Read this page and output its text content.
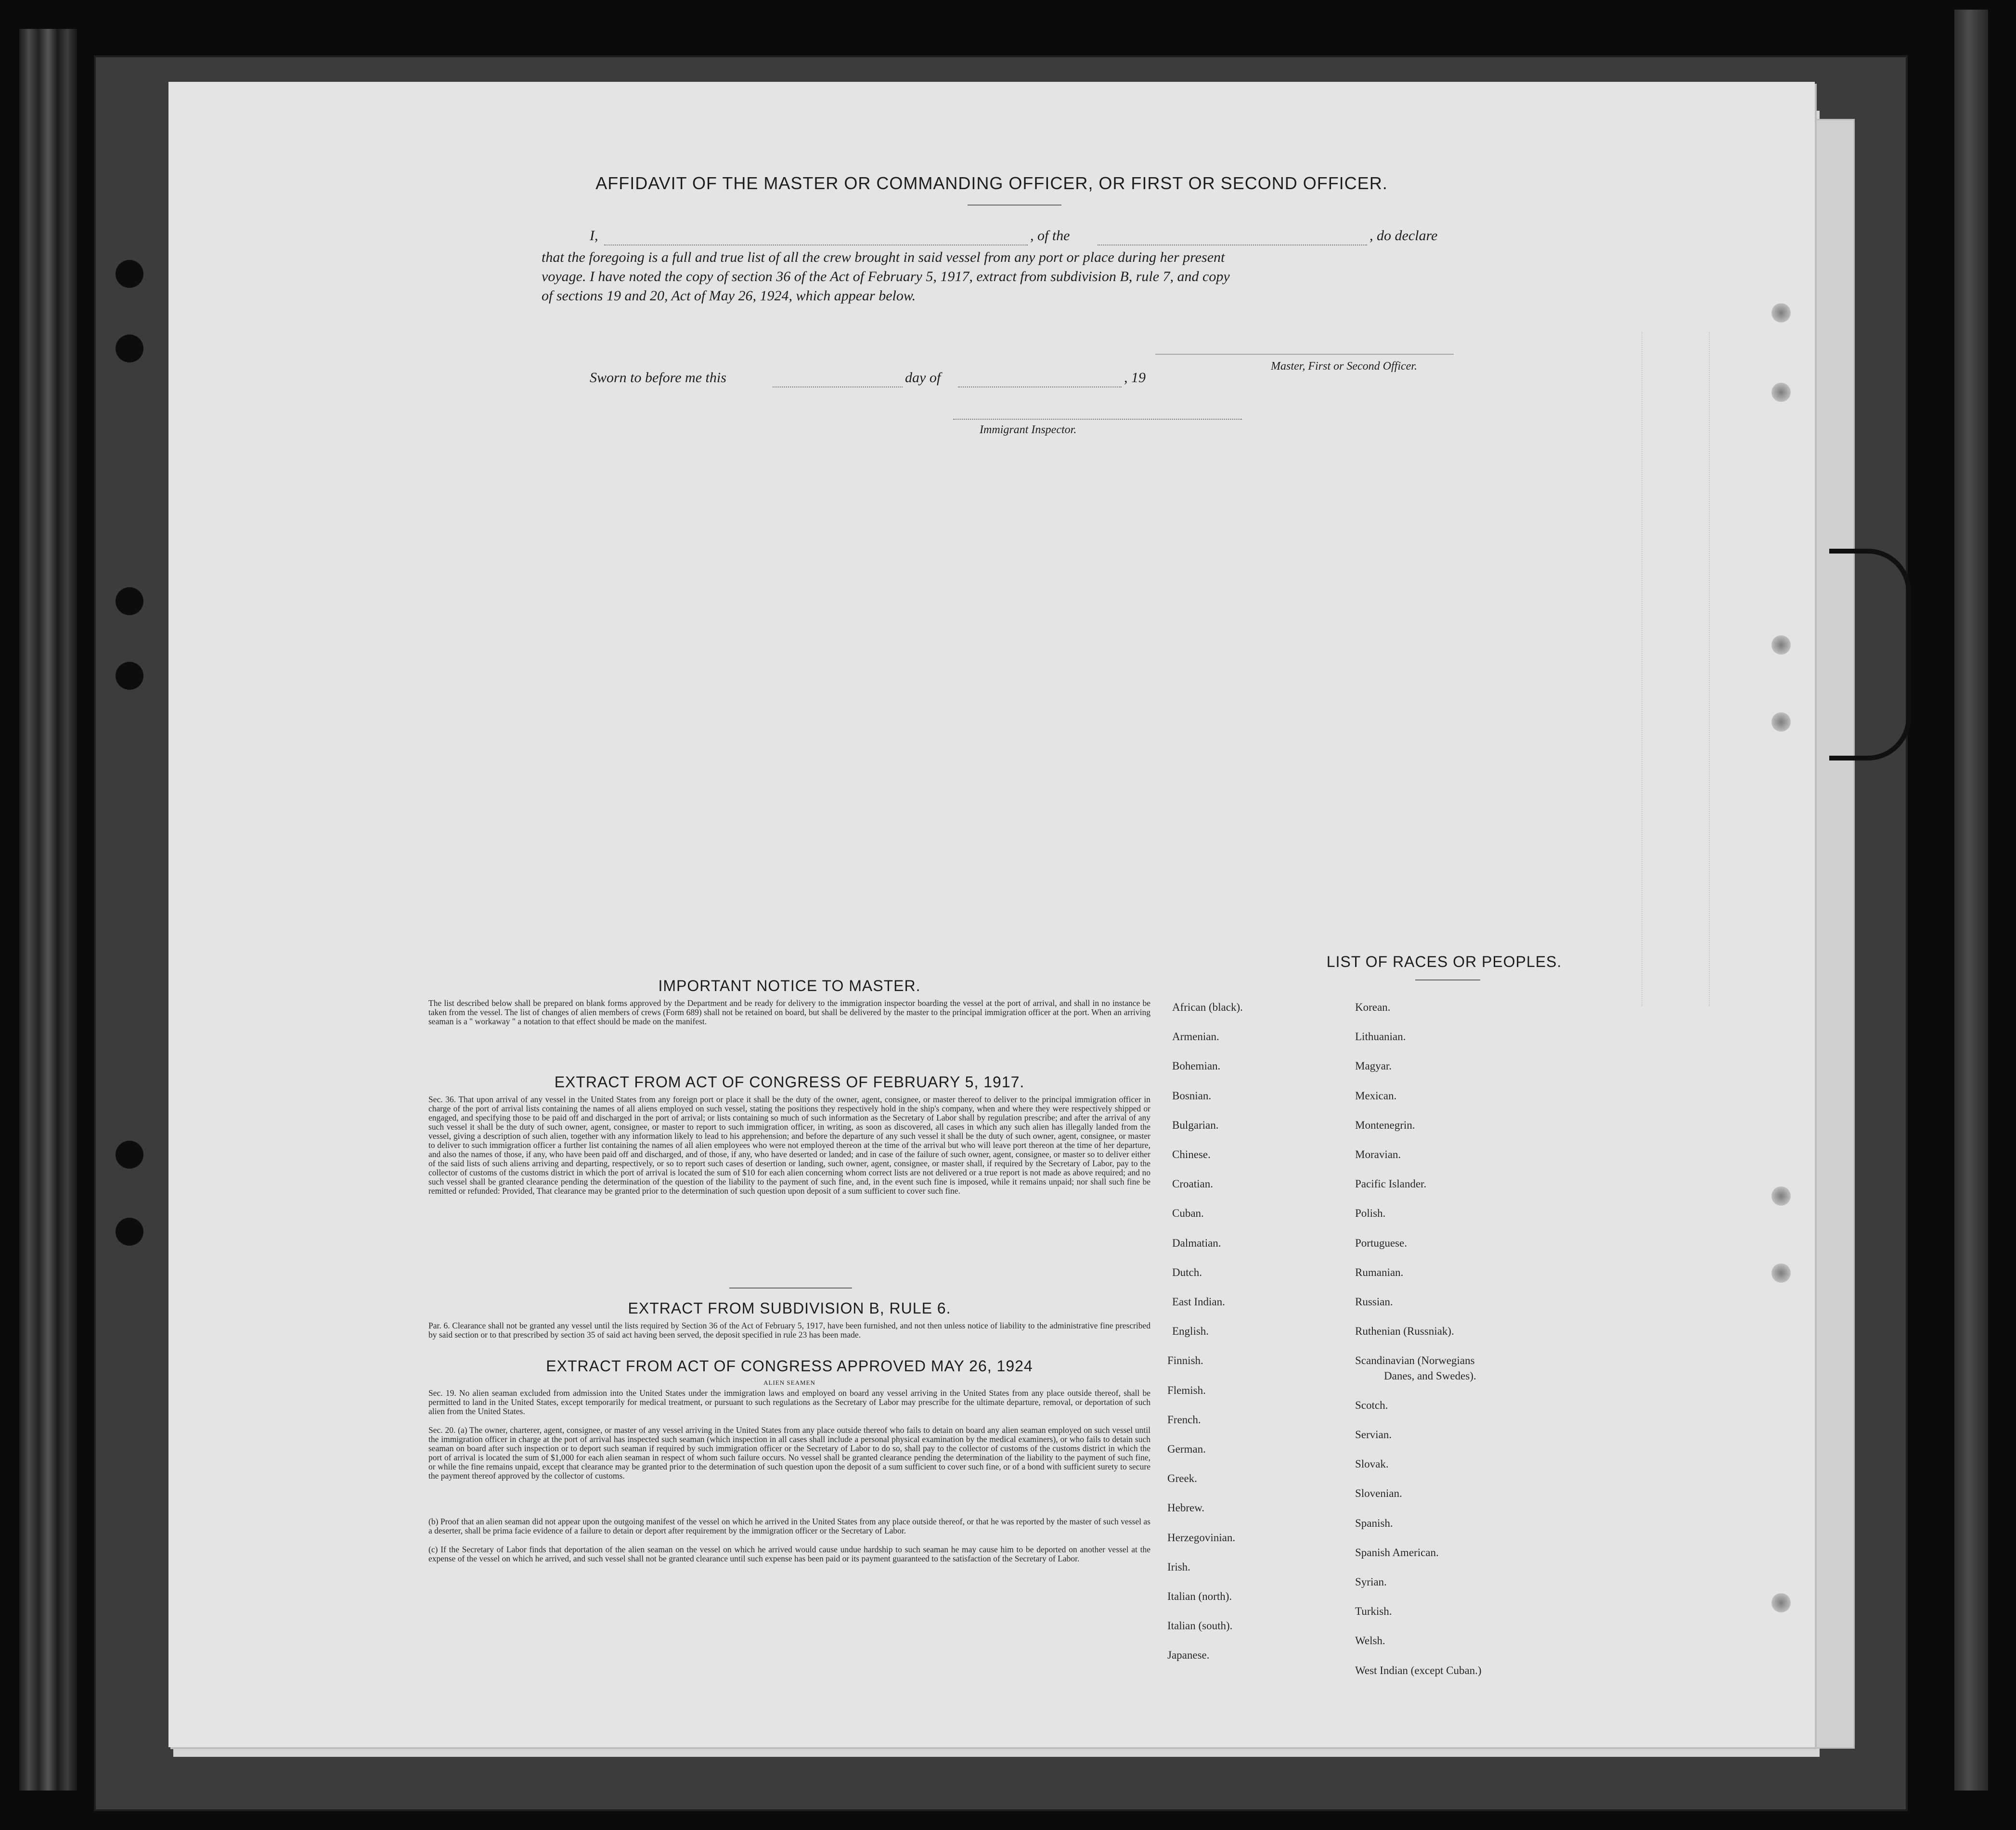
AFFIDAVIT OF THE MASTER OR COMMANDING OFFICER, OR FIRST OR SECOND OFFICER.
I,	, of the	, do declare
that the foregoing is a full and true list of all the crew brought in said vessel from any port or place during her present
voyage. I have noted the copy of section 36 of the Act of February 5, 1917, extract from subdivision B, rule 7, and copy
of sections 19 and 20, Act of May 26, 1924, which appear below.
Master, First or Second Officer.
Sworn to before me this	day of	, 19
Immigrant Inspector.
IMPORTANT NOTICE TO MASTER.
The list described below shall be prepared on blank forms approved by the Department and be ready for delivery to the immigration inspector boarding the vessel at the port of arrival, and shall in no instance be taken from the vessel. The list of changes of alien members of crews (Form 689) shall not be retained on board, but shall be delivered by the master to the principal immigration officer at the port. When an arriving seaman is a " workaway " a notation to that effect should be made on the manifest.
EXTRACT FROM ACT OF CONGRESS OF FEBRUARY 5, 1917.
Sec. 36. That upon arrival of any vessel in the United States from any foreign port or place it shall be the duty of the owner, agent, consignee, or master thereof to deliver to the principal immigration officer in charge of the port of arrival lists containing the names of all aliens employed on such vessel, stating the positions they respectively hold in the ship's company, when and where they were respectively shipped or engaged, and specifying those to be paid off and discharged in the port of arrival; or lists containing so much of such information as the Secretary of Labor shall by regulation prescribe; and after the arrival of any such vessel it shall be the duty of such owner, agent, consignee, or master to report to such immigration officer, in writing, as soon as discovered, all cases in which any such alien has illegally landed from the vessel, giving a description of such alien, together with any information likely to lead to his apprehension; and before the departure of any such vessel it shall be the duty of such owner, agent, consignee, or master to deliver to such immigration officer a further list containing the names of all alien employees who were not employed thereon at the time of the arrival but who will leave port thereon at the time of her departure, and also the names of those, if any, who have been paid off and discharged, and of those, if any, who have deserted or landed; and in case of the failure of such owner, agent, consignee, or master so to deliver either of the said lists of such aliens arriving and departing, respectively, or so to report such cases of desertion or landing, such owner, agent, consignee, or master shall, if required by the Secretary of Labor, pay to the collector of customs of the customs district in which the port of arrival is located the sum of $10 for each alien concerning whom correct lists are not delivered or a true report is not made as above required; and no such vessel shall be granted clearance pending the determination of the question of the liability to the payment of such fine, and, in the event such fine is imposed, while it remains unpaid; nor shall such fine be remitted or refunded: Provided, That clearance may be granted prior to the determination of such question upon deposit of a sum sufficient to cover such fine.
EXTRACT FROM SUBDIVISION B, RULE 6.
Par. 6. Clearance shall not be granted any vessel until the lists required by Section 36 of the Act of February 5, 1917, have been furnished, and not then unless notice of liability to the administrative fine prescribed by said section or to that prescribed by section 35 of said act having been served, the deposit specified in rule 23 has been made.
EXTRACT FROM ACT OF CONGRESS APPROVED MAY 26, 1924
ALIEN SEAMEN
Sec. 19. No alien seaman excluded from admission into the United States under the immigration laws and employed on board any vessel arriving in the United States from any place outside thereof, shall be permitted to land in the United States, except temporarily for medical treatment, or pursuant to such regulations as the Secretary of Labor may prescribe for the ultimate departure, removal, or deportation of such alien from the United States.
Sec. 20. (a) The owner, charterer, agent, consignee, or master of any vessel arriving in the United States from any place outside thereof who fails to detain on board any alien seaman employed on such vessel until the immigration officer in charge at the port of arrival has inspected such seaman (which inspection in all cases shall include a personal physical examination by the medical examiners), or who fails to detain such seaman on board after such inspection or to deport such seaman if required by such immigration officer or the Secretary of Labor to do so, shall pay to the collector of customs of the customs district in which the port of arrival is located the sum of $1,000 for each alien seaman in respect of whom such failure occurs. No vessel shall be granted clearance pending the determination of the liability to the payment of such fine, or while the fine remains unpaid, except that clearance may be granted prior to the determination of such question upon the deposit of a sum sufficient to cover such fine, or of a bond with sufficient surety to secure the payment thereof approved by the collector of customs.
(b) Proof that an alien seaman did not appear upon the outgoing manifest of the vessel on which he arrived in the United States from any place outside thereof, or that he was reported by the master of such vessel as a deserter, shall be prima facie evidence of a failure to detain or deport after requirement by the immigration officer or the Secretary of Labor.
(c) If the Secretary of Labor finds that deportation of the alien seaman on the vessel on which he arrived would cause undue hardship to such seaman he may cause him to be deported on another vessel at the expense of the vessel on which he arrived, and such vessel shall not be granted clearance until such expense has been paid or its payment guaranteed to the satisfaction of the Secretary of Labor.
LIST OF RACES OR PEOPLES.
African (black).
Armenian.
Bohemian.
Bosnian.
Bulgarian.
Chinese.
Croatian.
Cuban.
Dalmatian.
Dutch.
East Indian.
English.
Finnish.
Flemish.
French.
German.
Greek.
Hebrew.
Herzegovinian.
Irish.
Italian (north).
Italian (south).
Japanese.
Korean.
Lithuanian.
Magyar.
Mexican.
Montenegrin.
Moravian.
Pacific Islander.
Polish.
Portuguese.
Rumanian.
Russian.
Ruthenian (Russniak).
Scandinavian (Norwegians
Danes, and Swedes).
Scotch.
Servian.
Slovak.
Slovenian.
Spanish.
Spanish American.
Syrian.
Turkish.
Welsh.
West Indian (except Cuban.)
